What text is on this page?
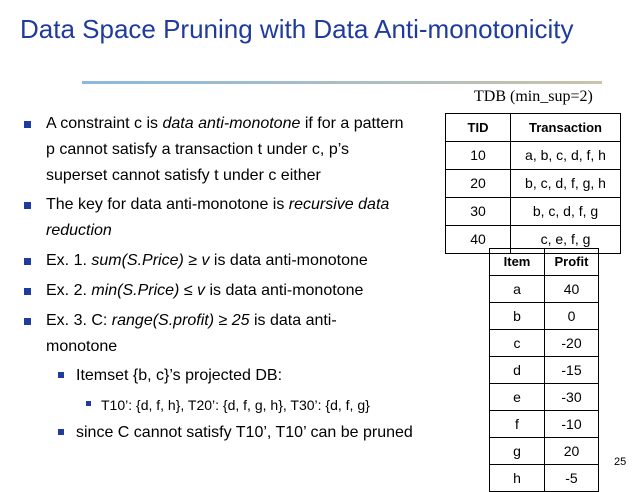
Data Space Pruning with Data Anti-monotonicity
TDB (min_sup=2)
A constraint c is data anti-monotone if for a pattern
p cannot satisfy a transaction t under c, p’s
superset cannot satisfy t under c either
The key for data anti-monotone is recursive data
reduction
Ex. 1. sum(S.Price) ≥ v is data anti-monotone
Ex. 2. min(S.Price) ≤ v is data anti-monotone
Ex. 3. C: range(S.profit) ≥ 25 is data anti-
monotone
Itemset {b, c}’s projected DB:
T10’: {d, f, h}, T20’: {d, f, g, h}, T30’: {d, f, g}
since C cannot satisfy T10’, T10’ can be pruned
TID	Transaction
10	a, b, c, d, f, h
20	b, c, d, f, g, h
30	b, c, d, f, g
40	c, e, f, g
Item	Profit
a	40
b	0
c	-20
d	-15
e	-30
f	-10
g	20
h	-5
25
